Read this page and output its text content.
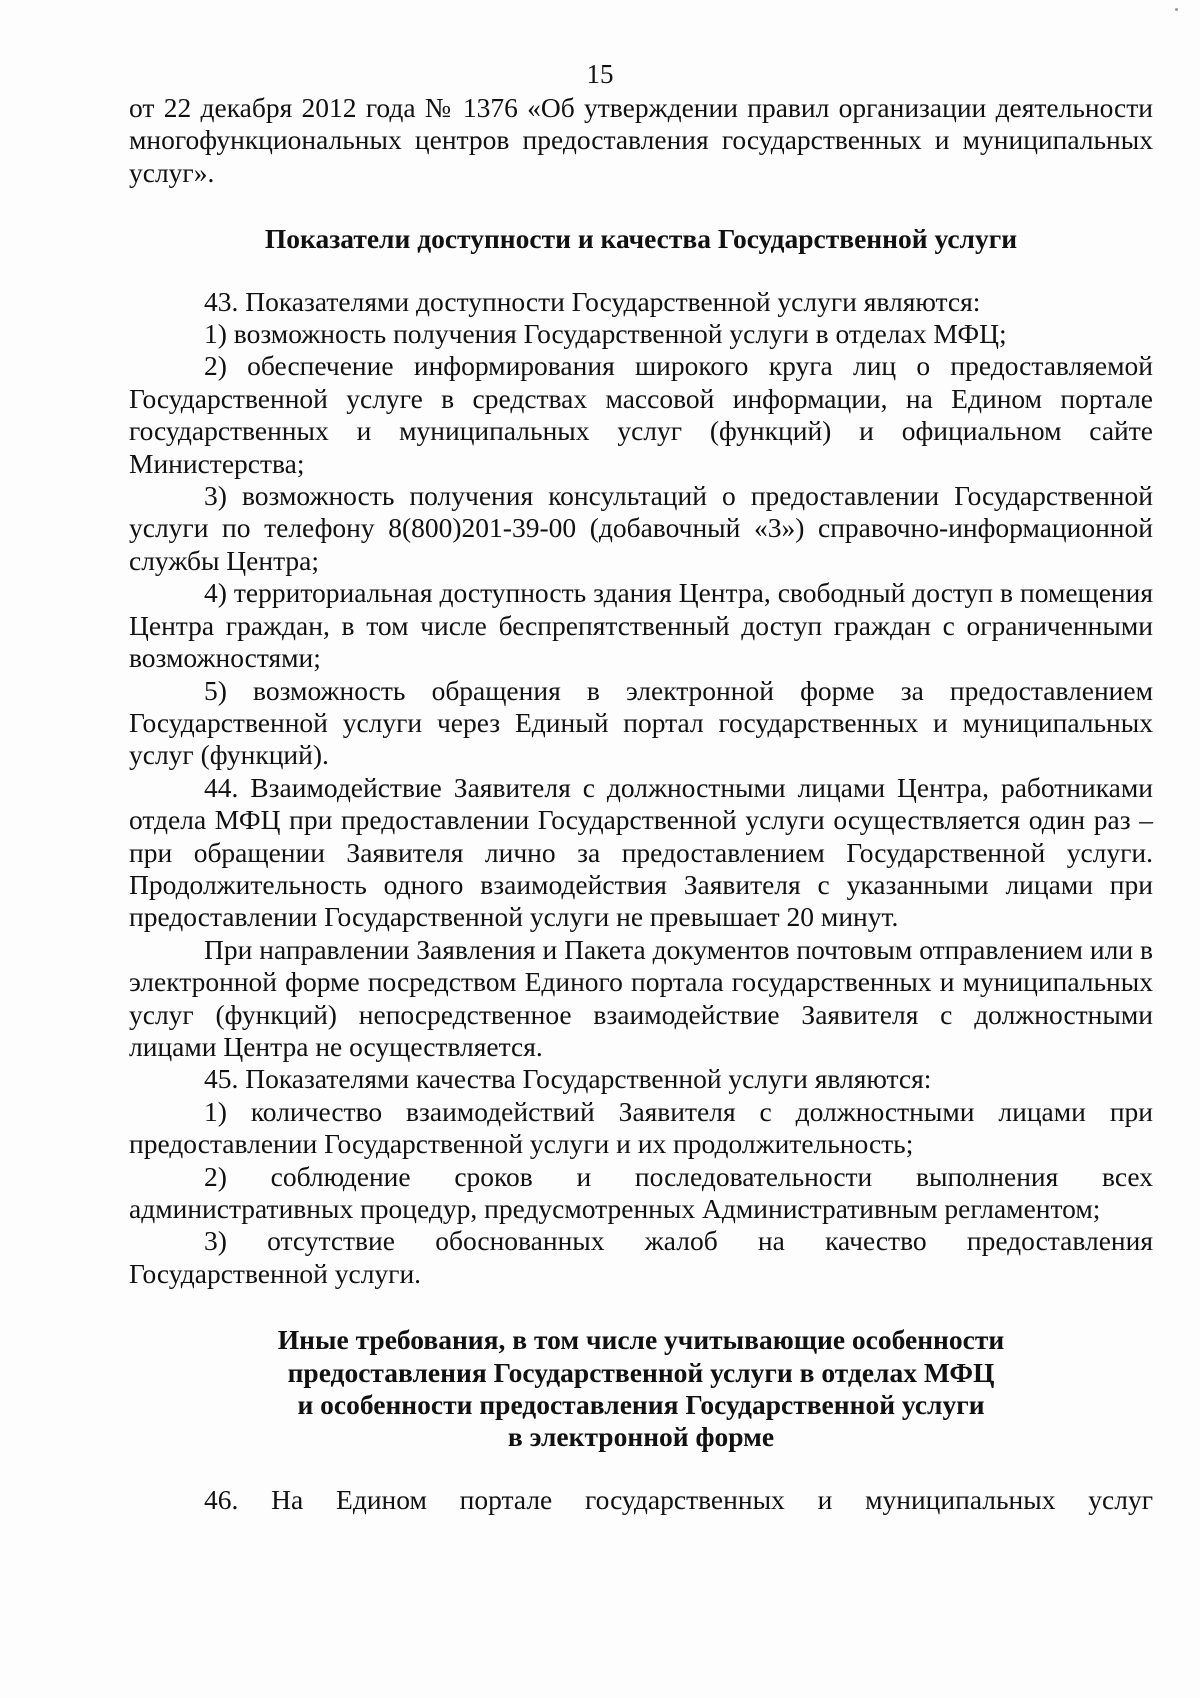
15

от 22 декабря 2012 года № 1376 «Об утверждении правил организации деятельности многофункциональных центров предоставления государственных и муниципальных услуг».

Показатели доступности и качества Государственной услуги

43. Показателями доступности Государственной услуги являются:

1) возможность получения Государственной услуги в отделах МФЦ;

2) обеспечение информирования широкого круга лиц о предоставляемой Государственной услуге в средствах массовой информации, на Едином портале государственных и муниципальных услуг (функций) и официальном сайте Министерства;

3) возможность получения консультаций о предоставлении Государственной услуги по телефону 8(800)201-39-00 (добавочный «3») справочно-информационной службы Центра;

4) территориальная доступность здания Центра, свободный доступ в помещения Центра граждан, в том числе беспрепятственный доступ граждан с ограниченными возможностями;

5) возможность обращения в электронной форме за предоставлением Государственной услуги через Единый портал государственных и муниципальных услуг (функций).

44. Взаимодействие Заявителя с должностными лицами Центра, работниками отдела МФЦ при предоставлении Государственной услуги осуществляется один раз – при обращении Заявителя лично за предоставлением Государственной услуги. Продолжительность одного взаимодействия Заявителя с указанными лицами при предоставлении Государственной услуги не превышает 20 минут.

При направлении Заявления и Пакета документов почтовым отправлением или в электронной форме посредством Единого портала государственных и муниципальных услуг (функций) непосредственное взаимодействие Заявителя с должностными лицами Центра не осуществляется.

45. Показателями качества Государственной услуги являются:

1) количество взаимодействий Заявителя с должностными лицами при предоставлении Государственной услуги и их продолжительность;

2) соблюдение сроков и последовательности выполнения всех административных процедур, предусмотренных Административным регламентом;

3) отсутствие обоснованных жалоб на качество предоставления Государственной услуги.

Иные требования, в том числе учитывающие особенности
предоставления Государственной услуги в отделах МФЦ
и особенности предоставления Государственной услуги
в электронной форме

46. На Едином портале государственных и муниципальных услуг
